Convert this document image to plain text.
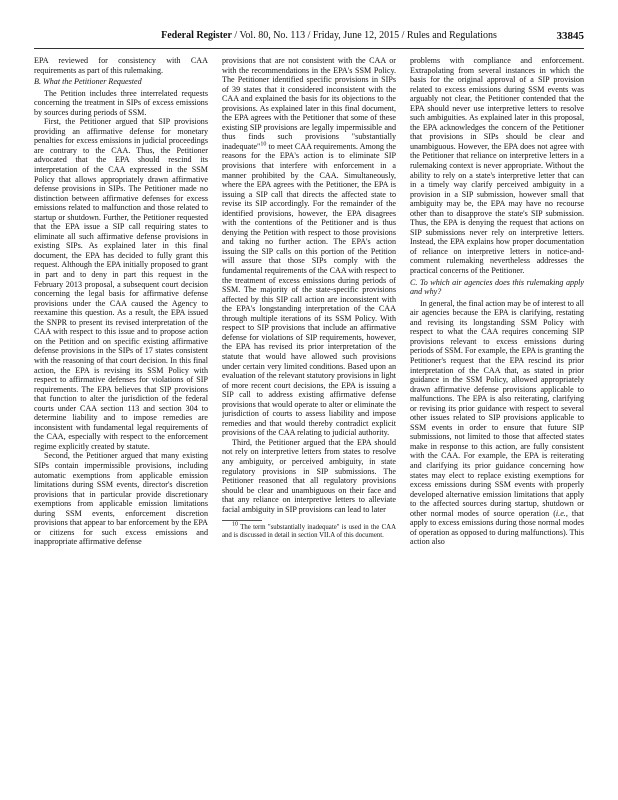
Federal Register / Vol. 80, No. 113 / Friday, June 12, 2015 / Rules and Regulations	33845

EPA reviewed for consistency with CAA requirements as part of this rulemaking.

B. What the Petitioner Requested

The Petition includes three interrelated requests concerning the treatment in SIPs of excess emissions by sources during periods of SSM.

First, the Petitioner argued that SIP provisions providing an affirmative defense for monetary penalties for excess emissions in judicial proceedings are contrary to the CAA. Thus, the Petitioner advocated that the EPA should rescind its interpretation of the CAA expressed in the SSM Policy that allows appropriately drawn affirmative defense provisions in SIPs. The Petitioner made no distinction between affirmative defenses for excess emissions related to malfunction and those related to startup or shutdown. Further, the Petitioner requested that the EPA issue a SIP call requiring states to eliminate all such affirmative defense provisions in existing SIPs. As explained later in this final document, the EPA has decided to fully grant this request. Although the EPA initially proposed to grant in part and to deny in part this request in the February 2013 proposal, a subsequent court decision concerning the legal basis for affirmative defense provisions under the CAA caused the Agency to reexamine this question. As a result, the EPA issued the SNPR to present its revised interpretation of the CAA with respect to this issue and to propose action on the Petition and on specific existing affirmative defense provisions in the SIPs of 17 states consistent with the reasoning of that court decision. In this final action, the EPA is revising its SSM Policy with respect to affirmative defenses for violations of SIP requirements. The EPA believes that SIP provisions that function to alter the jurisdiction of the federal courts under CAA section 113 and section 304 to determine liability and to impose remedies are inconsistent with fundamental legal requirements of the CAA, especially with respect to the enforcement regime explicitly created by statute.

Second, the Petitioner argued that many existing SIPs contain impermissible provisions, including automatic exemptions from applicable emission limitations during SSM events, director's discretion provisions that in particular provide discretionary exemptions from applicable emission limitations during SSM events, enforcement discretion provisions that appear to bar enforcement by the EPA or citizens for such excess emissions and inappropriate affirmative defense

provisions that are not consistent with the CAA or with the recommendations in the EPA's SSM Policy. The Petitioner identified specific provisions in SIPs of 39 states that it considered inconsistent with the CAA and explained the basis for its objections to the provisions. As explained later in this final document, the EPA agrees with the Petitioner that some of these existing SIP provisions are legally impermissible and thus finds such provisions "substantially inadequate"$^{10}$ to meet CAA requirements. Among the reasons for the EPA's action is to eliminate SIP provisions that interfere with enforcement in a manner prohibited by the CAA. Simultaneously, where the EPA agrees with the Petitioner, the EPA is issuing a SIP call that directs the affected state to revise its SIP accordingly. For the remainder of the identified provisions, however, the EPA disagrees with the contentions of the Petitioner and is thus denying the Petition with respect to those provisions and taking no further action. The EPA's action issuing the SIP calls on this portion of the Petition will assure that those SIPs comply with the fundamental requirements of the CAA with respect to the treatment of excess emissions during periods of SSM. The majority of the state-specific provisions affected by this SIP call action are inconsistent with the EPA's longstanding interpretation of the CAA through multiple iterations of its SSM Policy. With respect to SIP provisions that include an affirmative defense for violations of SIP requirements, however, the EPA has revised its prior interpretation of the statute that would have allowed such provisions under certain very limited conditions. Based upon an evaluation of the relevant statutory provisions in light of more recent court decisions, the EPA is issuing a SIP call to address existing affirmative defense provisions that would operate to alter or eliminate the jurisdiction of courts to assess liability and impose remedies and that would thereby contradict explicit provisions of the CAA relating to judicial authority.

Third, the Petitioner argued that the EPA should not rely on interpretive letters from states to resolve any ambiguity, or perceived ambiguity, in state regulatory provisions in SIP submissions. The Petitioner reasoned that all regulatory provisions should be clear and unambiguous on their face and that any reliance on interpretive letters to alleviate facial ambiguity in SIP provisions can lead to later

$^{10}$ The term "substantially inadequate" is used in the CAA and is discussed in detail in section VII.A of this document.

problems with compliance and enforcement. Extrapolating from several instances in which the basis for the original approval of a SIP provision related to excess emissions during SSM events was arguably not clear, the Petitioner contended that the EPA should never use interpretive letters to resolve such ambiguities. As explained later in this proposal, the EPA acknowledges the concern of the Petitioner that provisions in SIPs should be clear and unambiguous. However, the EPA does not agree with the Petitioner that reliance on interpretive letters in a rulemaking context is never appropriate. Without the ability to rely on a state's interpretive letter that can in a timely way clarify perceived ambiguity in a provision in a SIP submission, however small that ambiguity may be, the EPA may have no recourse other than to disapprove the state's SIP submission. Thus, the EPA is denying the request that actions on SIP submissions never rely on interpretive letters. Instead, the EPA explains how proper documentation of reliance on interpretive letters in notice-and-comment rulemaking nevertheless addresses the practical concerns of the Petitioner.

C. To which air agencies does this rulemaking apply and why?

In general, the final action may be of interest to all air agencies because the EPA is clarifying, restating and revising its longstanding SSM Policy with respect to what the CAA requires concerning SIP provisions relevant to excess emissions during periods of SSM. For example, the EPA is granting the Petitioner's request that the EPA rescind its prior interpretation of the CAA that, as stated in prior guidance in the SSM Policy, allowed appropriately drawn affirmative defense provisions applicable to malfunctions. The EPA is also reiterating, clarifying or revising its prior guidance with respect to several other issues related to SIP provisions applicable to SSM events in order to ensure that future SIP submissions, not limited to those that affected states make in response to this action, are fully consistent with the CAA. For example, the EPA is reiterating and clarifying its prior guidance concerning how states may elect to replace existing exemptions for excess emissions during SSM events with properly developed alternative emission limitations that apply to the affected sources during startup, shutdown or other normal modes of source operation (i.e., that apply to excess emissions during those normal modes of operation as opposed to during malfunctions). This action also
